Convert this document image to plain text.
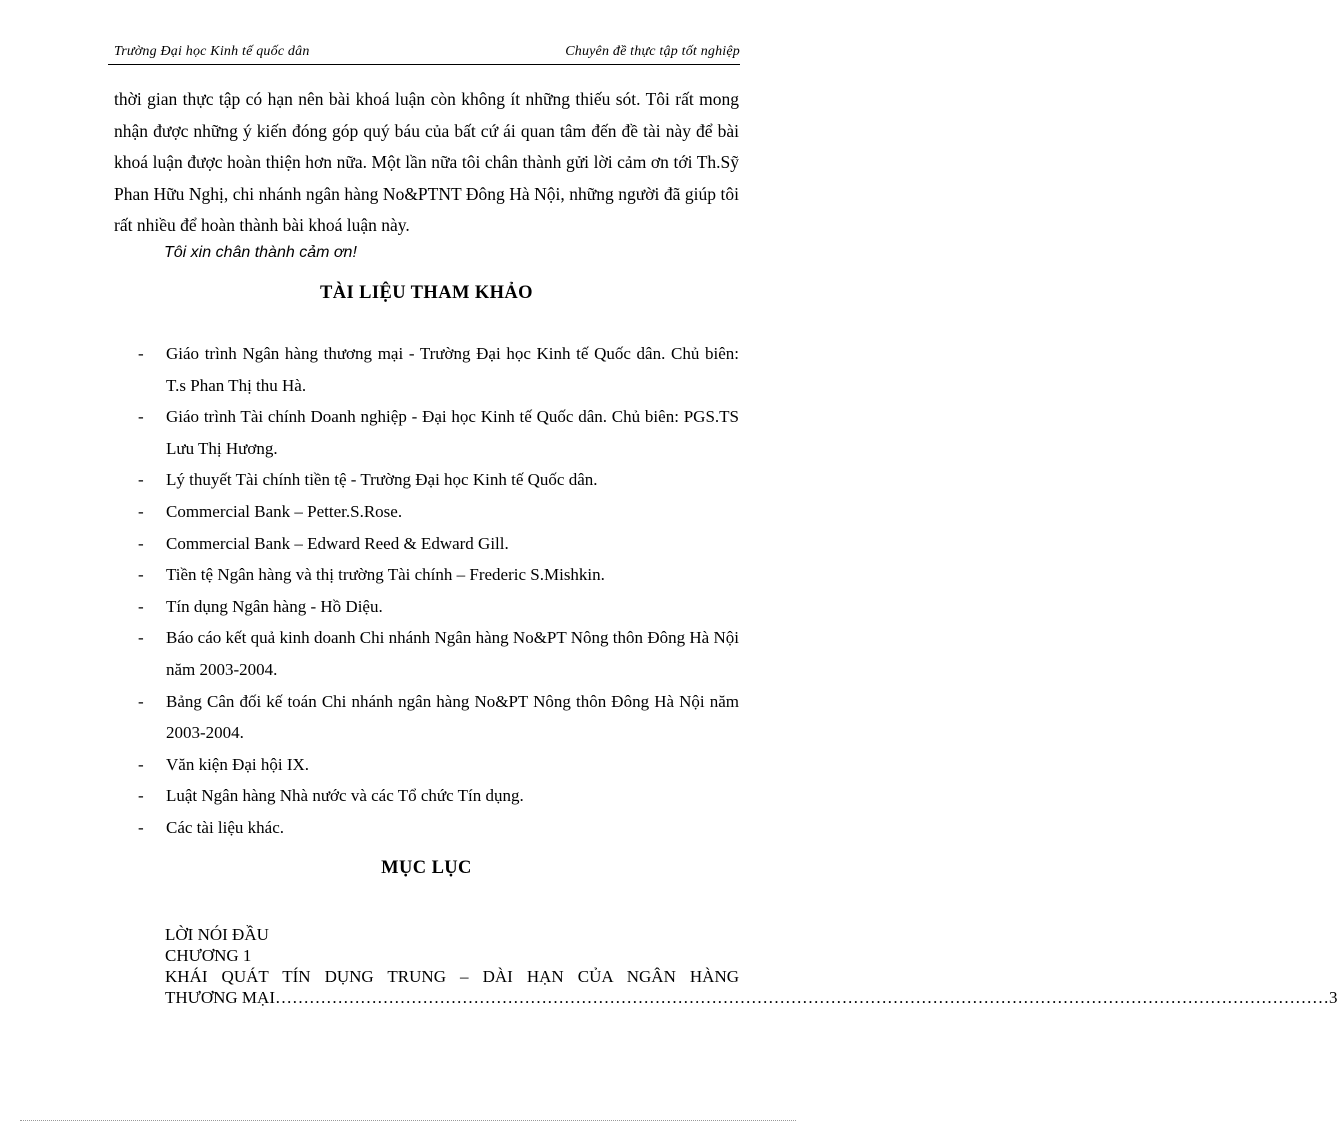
Trường Đại học Kinh tế quốc dân	Chuyên đề thực tập tốt nghiệp

thời gian thực tập có hạn nên bài khoá luận còn không ít những thiếu sót. Tôi rất mong nhận được những ý kiến đóng góp quý báu của bất cứ ái quan tâm đến đề tài này để bài khoá luận được hoàn thiện hơn nữa. Một lần nữa tôi chân thành gửi lời cảm ơn tới Th.Sỹ Phan Hữu Nghị, chi nhánh ngân hàng No&PTNT Đông Hà Nội, những người đã giúp tôi rất nhiều để hoàn thành bài khoá luận này.

Tôi xin chân thành cảm ơn!
TÀI LIỆU THAM KHẢO
- Giáo trình Ngân hàng thương mại - Trường Đại học Kinh tế Quốc dân. Chủ biên: T.s Phan Thị thu Hà.
- Giáo trình Tài chính Doanh nghiệp - Đại học Kinh tế Quốc dân. Chủ biên: PGS.TS Lưu Thị Hương.
- Lý thuyết Tài chính tiền tệ - Trường Đại học Kinh tế Quốc dân.
- Commercial Bank – Petter.S.Rose.
- Commercial Bank – Edward Reed & Edward Gill.
- Tiền tệ Ngân hàng và thị trường Tài chính – Frederic S.Mishkin.
- Tín dụng Ngân hàng - Hồ Diệu.
- Báo cáo kết quả kinh doanh Chi nhánh Ngân hàng No&PT Nông thôn Đông Hà Nội năm 2003-2004.
- Bảng Cân đối kế toán Chi nhánh ngân hàng No&PT Nông thôn Đông Hà Nội năm 2003-2004.
- Văn kiện Đại hội IX.
- Luật Ngân hàng Nhà nước và các Tổ chức Tín dụng.
- Các tài liệu khác.
MỤC LỤC
LỜI NÓI ĐẦU
CHƯƠNG 1
KHÁI QUÁT TÍN DỤNG TRUNG – DÀI HẠN CỦA NGÂN HÀNG
THƯƠNG MẠI …………………………………………………………………………………………………………………………………………………………………… 3
